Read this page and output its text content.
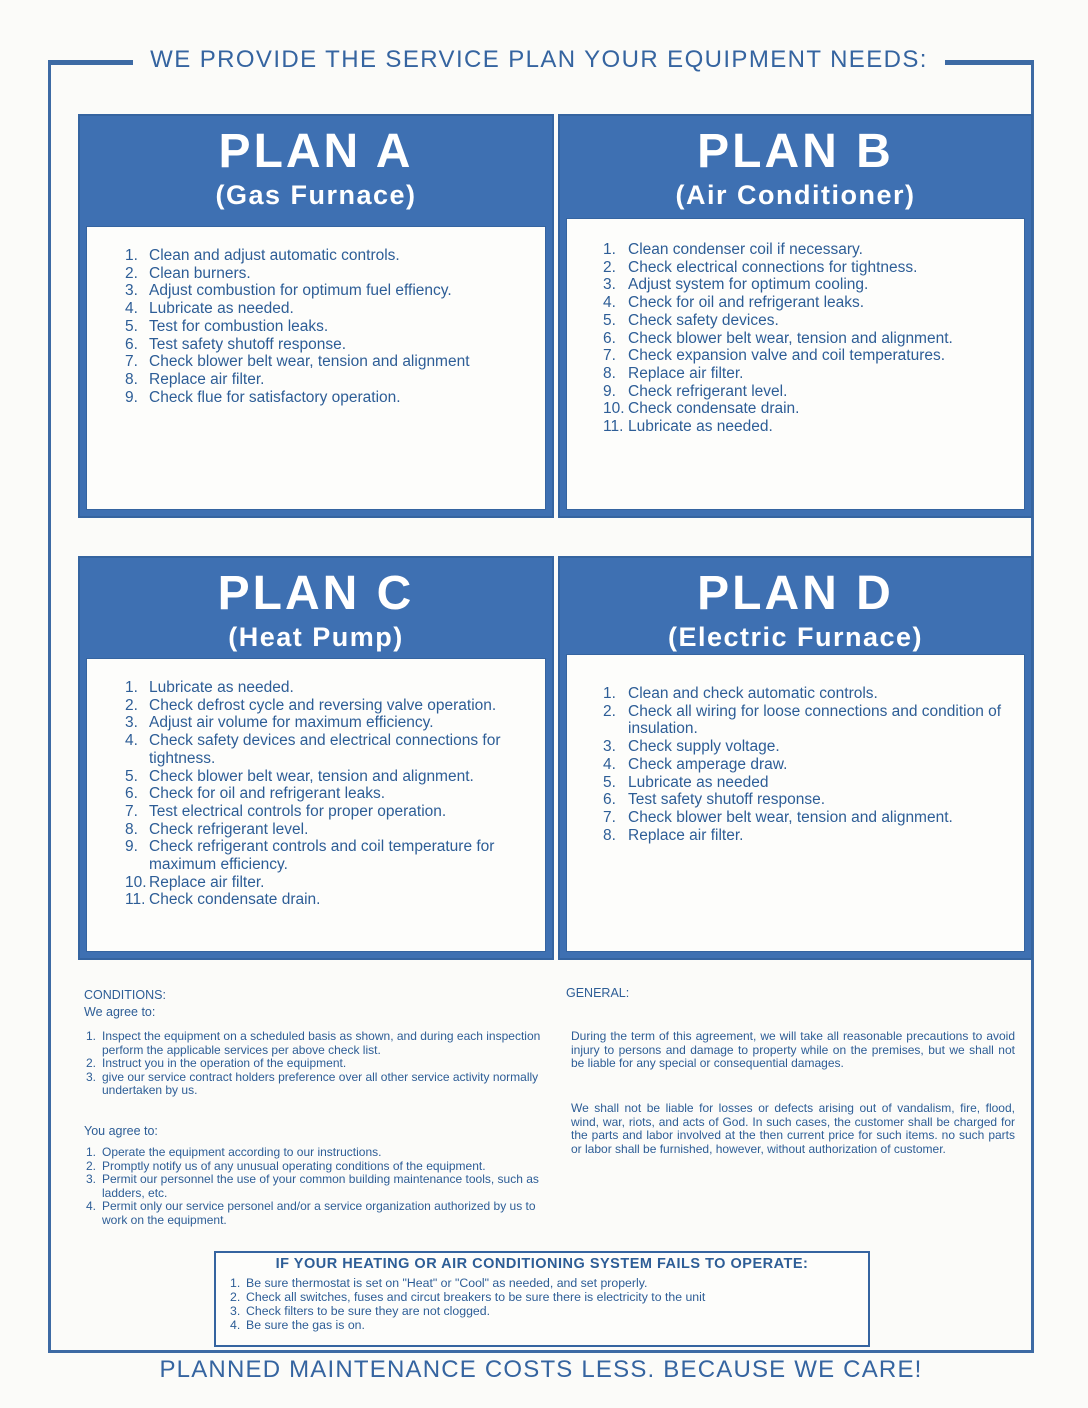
WE PROVIDE THE SERVICE PLAN YOUR EQUIPMENT NEEDS:
PLAN A
(Gas Furnace)
1. Clean and adjust automatic controls.
2. Clean burners.
3. Adjust combustion for optimum fuel effiency.
4. Lubricate as needed.
5. Test for combustion leaks.
6. Test safety shutoff response.
7. Check blower belt wear, tension and alignment
8. Replace air filter.
9. Check flue for satisfactory operation.
PLAN B
(Air Conditioner)
1. Clean condenser coil if necessary.
2. Check electrical connections for tightness.
3. Adjust system for optimum cooling.
4. Check for oil and refrigerant leaks.
5. Check safety devices.
6. Check blower belt wear, tension and alignment.
7. Check expansion valve and coil temperatures.
8. Replace air filter.
9. Check refrigerant level.
10. Check condensate drain.
11. Lubricate as needed.
PLAN C
(Heat Pump)
1. Lubricate as needed.
2. Check defrost cycle and reversing valve operation.
3. Adjust air volume for maximum efficiency.
4. Check safety devices and electrical connections for tightness.
5. Check blower belt wear, tension and alignment.
6. Check for oil and refrigerant leaks.
7. Test electrical controls for proper operation.
8. Check refrigerant level.
9. Check refrigerant controls and coil temperature for maximum efficiency.
10. Replace air filter.
11. Check condensate drain.
PLAN D
(Electric Furnace)
1. Clean and check automatic controls.
2. Check all wiring for loose connections and condition of insulation.
3. Check supply voltage.
4. Check amperage draw.
5. Lubricate as needed
6. Test safety shutoff response.
7. Check blower belt wear, tension and alignment.
8. Replace air filter.
CONDITIONS:
We agree to:
1. Inspect the equipment on a scheduled basis as shown, and during each inspection perform the applicable services per above check list.
2. Instruct you in the operation of the equipment.
3. give our service contract holders preference over all other service activity normally undertaken by us.
You agree to:
1. Operate the equipment according to our instructions.
2. Promptly notify us of any unusual operating conditions of the equipment.
3. Permit our personnel the use of your common building maintenance tools, such as ladders, etc.
4. Permit only our service personel and/or a service organization authorized by us to work on the equipment.
GENERAL:

During the term of this agreement, we will take all reasonable precautions to avoid injury to persons and damage to property while on the premises, but we shall not be liable for any special or consequential damages.

We shall not be liable for losses or defects arising out of vandalism, fire, flood, wind, war, riots, and acts of God. In such cases, the customer shall be charged for the parts and labor involved at the then current price for such items. no such parts or labor shall be furnished, however, without authorization of customer.

IF YOUR HEATING OR AIR CONDITIONING SYSTEM FAILS TO OPERATE:
1. Be sure thermostat is set on "Heat" or "Cool" as needed, and set properly.
2. Check all switches, fuses and circut breakers to be sure there is electricity to the unit
3. Check filters to be sure they are not clogged.
4. Be sure the gas is on.
PLANNED MAINTENANCE COSTS LESS. BECAUSE WE CARE!
